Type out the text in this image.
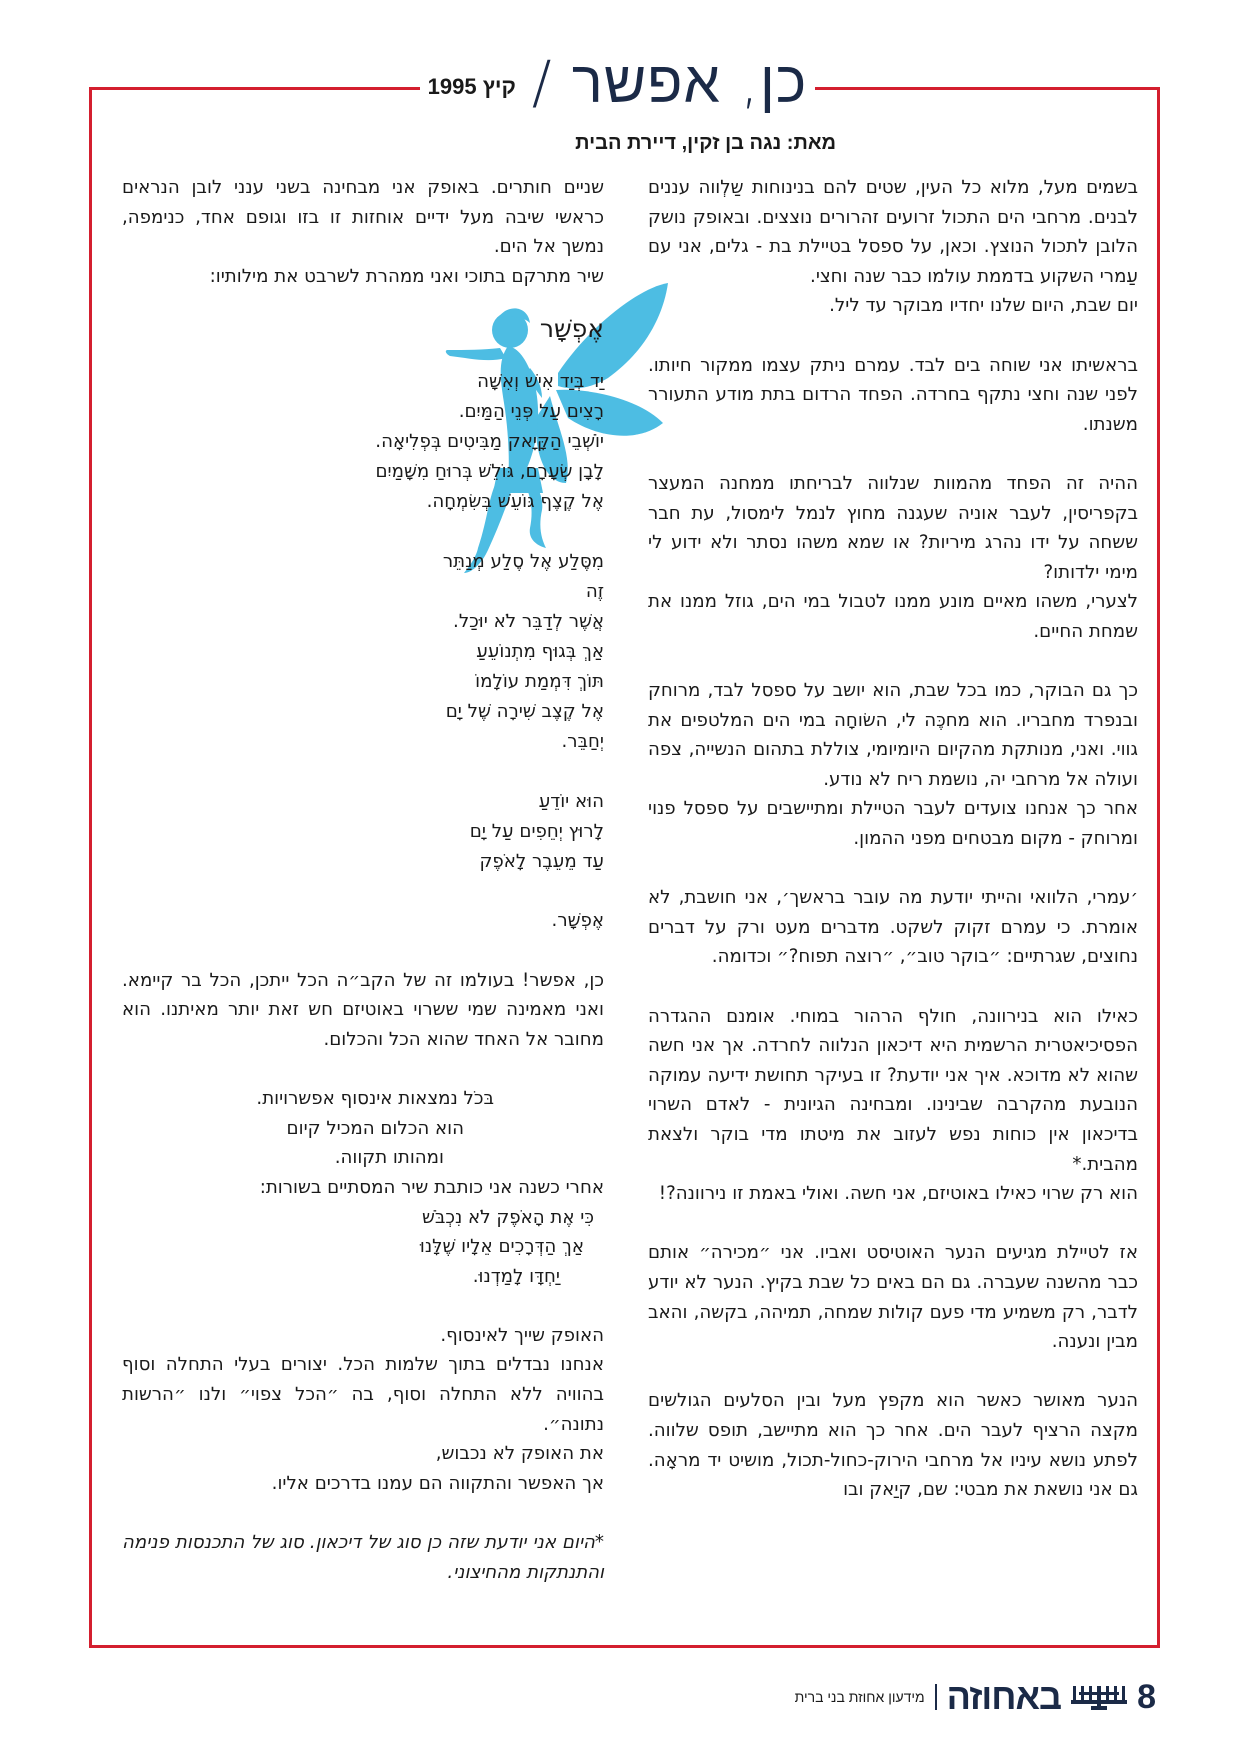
כן, אפשר /
קיץ 1995
מאת: נגה בן זקין, דיירת הבית

בשמים מעל, מלוא כל העין, שטים להם בנינוחות שַלְווה עננים לבנים. מרחבי הים התכול זרועים זהרורים נוצצים. ובאופק נושק הלובן לתכול הנוצץ. וכאן, על ספסל בטיילת בת - גלים, אני עם עַמרי השקוע בדממת עולמו כבר שנה וחצי.

יום שבת, היום שלנו יחדיו מבוקר עד ליל.

בראשיתו אני שוחה בים לבד. עמרם ניתק עצמו ממקור חיותו. לפני שנה וחצי נתקף בחרדה. הפחד הרדום בתת מודע התעורר משנתו.

ההיה זה הפחד מהמוות שנלווה לבריחתו ממחנה המעצר בקפריסין, לעבר אוניה שעגנה מחוץ לנמל לימסול, עת חבר ששחה על ידו נהרג מיריות? או שמא משהו נסתר ולא ידוע לי מימי ילדותו?

לצערי, משהו מאיים מונע ממנו לטבול במי הים, גוזל ממנו את שמחת החיים.

כך גם הבוקר, כמו בכל שבת, הוא יושב על ספסל לבד, מרוחק ובנפרד מחבריו. הוא מחכֶּה לי, השׂוחָה במי הים המלטפים את גווי. ואני, מנותקת מהקיום היומיומי, צוללת בתהום הנשייה, צפה ועולה אל מרחבי יה, נושמת ריח לא נודע.

אחר כך אנחנו צועדים לעבר הטיילת ומתיישבים על ספסל פנוי ומרוחק - מקום מבטחים מפני ההמון.

׳עמרי, הלוואי והייתי יודעת מה עובר בראשך׳, אני חושבת, לא אומרת. כי עמרם זקוק לשקט. מדברים מעט ורק על דברים נחוצים, שגרתיים: ״בוקר טוב״, ״רוצה תפוח?״ וכדומה.

כאילו הוא בנירוונה, חולף הרהור במוחי. אומנם ההגדרה הפסיכיאטרית הרשמית היא דיכאון הנלווה לחרדה. אך אני חשה שהוא לא מדוכא. איך אני יודעת? זו בעיקר תחושת ידיעה עמוקה הנובעת מהקרבה שבינינו. ומבחינה הגיונית - לאדם השרוי בדיכאון אין כוחות נפש לעזוב את מיטתו מדי בוקר ולצאת מהבית.*

הוא רק שרוי כאילו באוטיזם, אני חשה. ואולי באמת זו נירוונה?!

אז לטיילת מגיעים הנער האוטיסט ואביו. אני ״מכירה״ אותם כבר מהשנה שעברה. גם הם באים כל שבת בקיץ. הנער לא יודע לדבר, רק משמיע מדי פעם קולות שמחה, תמיהה, בקשה, והאב מבין ונענה.

הנער מאושר כאשר הוא מקפץ מעל ובין הסלעים הגולשים מקצה הרציף לעבר הים. אחר כך הוא מתיישב, תופס שלווה. לפתע נושא עיניו אל מרחבי הירוק-כחול-תכול, מושיט יד מראָה. גם אני נושאת את מבטי: שם, קיַאק ובו

שניים חותרים. באופק אני מבחינה בשני ענני לובן הנראים כראשי שיבה מעל ידיים אוחזות זו בזו וגופם אחד, כנימפה, נמשך אל הים.

שיר מתרקם בתוכי ואני ממהרת לשרבט את מילותיו:

אֶפְשָׁר
יַד בְּיַד אִישׁ וְאִשָּׁה
רָצִים עַל פְּנֵי הַמַּיִם.
יוֹשְׁבֵי הַקָּיָאק מַבִּיטִים בְּפְלִיאָה.
לָבָן שְׂעָרָם, גּוֹלֵשׁ בְּרוּחַ מִשָּׁמַיִם
אֶל קֶצֶף גּוֹעֵשׁ בְּשִׂמְחָה.
מִסֶּלַע אֶל סֶלַע מְנַתֵּר
זֶה
אֲשֶׁר לְדַבֵּר לֹא יוּכַל.
אַךְ בְּגוּף מִתְנוֹעֵעַ
תּוֹךְ דִּמְמַת עוֹלָמוֹ
אֶל קֶצֶב שִׁירָה שֶׁל יָם
יְחַבֵּר.
הוּא יוֹדֵעַ
לָרוּץ יְחֵפִים עַל יָם
עַד מֵעֵבֶר לָאֹפֶק
אֶפְשָׁר.

כן, אפשר! בעולמו זה של הקב״ה הכל ייתכן, הכל בר קיימא. ואני מאמינה שמי ששרוי באוטיזם חש זאת יותר מאיתנו. הוא מחובר אל האחד שהוא הכל והכלום.

בּכֹל נמצאות אינסוף אפשרויות.
הוא הכלום המכיל קיום
ומהותו תקווה.

אחרי כשנה אני כותבת שיר המסתיים בשורות:

כִּי אֶת הָאֹפֶק לֹא נִכְבֹּשׁ
אַךְ הַדְּרָכִים אֵלָיו שֶׁלָּנוּ
יַחְדָּו לָמַדְנוּ.

האופק שייך לאינסוף.

אנחנו נבדלים בתוך שלמות הכל. יצורים בעלי התחלה וסוף בהוויה ללא התחלה וסוף, בה ״הכל צפוי״ ולנו ״הרשות נתונה״.

את האופק לא נכבוש,

אך האפשר והתקווה הם עמנו בדרכים אליו.

*היום אני יודעת שזה כן סוג של דיכאון. סוג של התכנסות פנימה והתנתקות מהחיצוני.

8
באחוזה
מידעון אחוזת בני ברית
